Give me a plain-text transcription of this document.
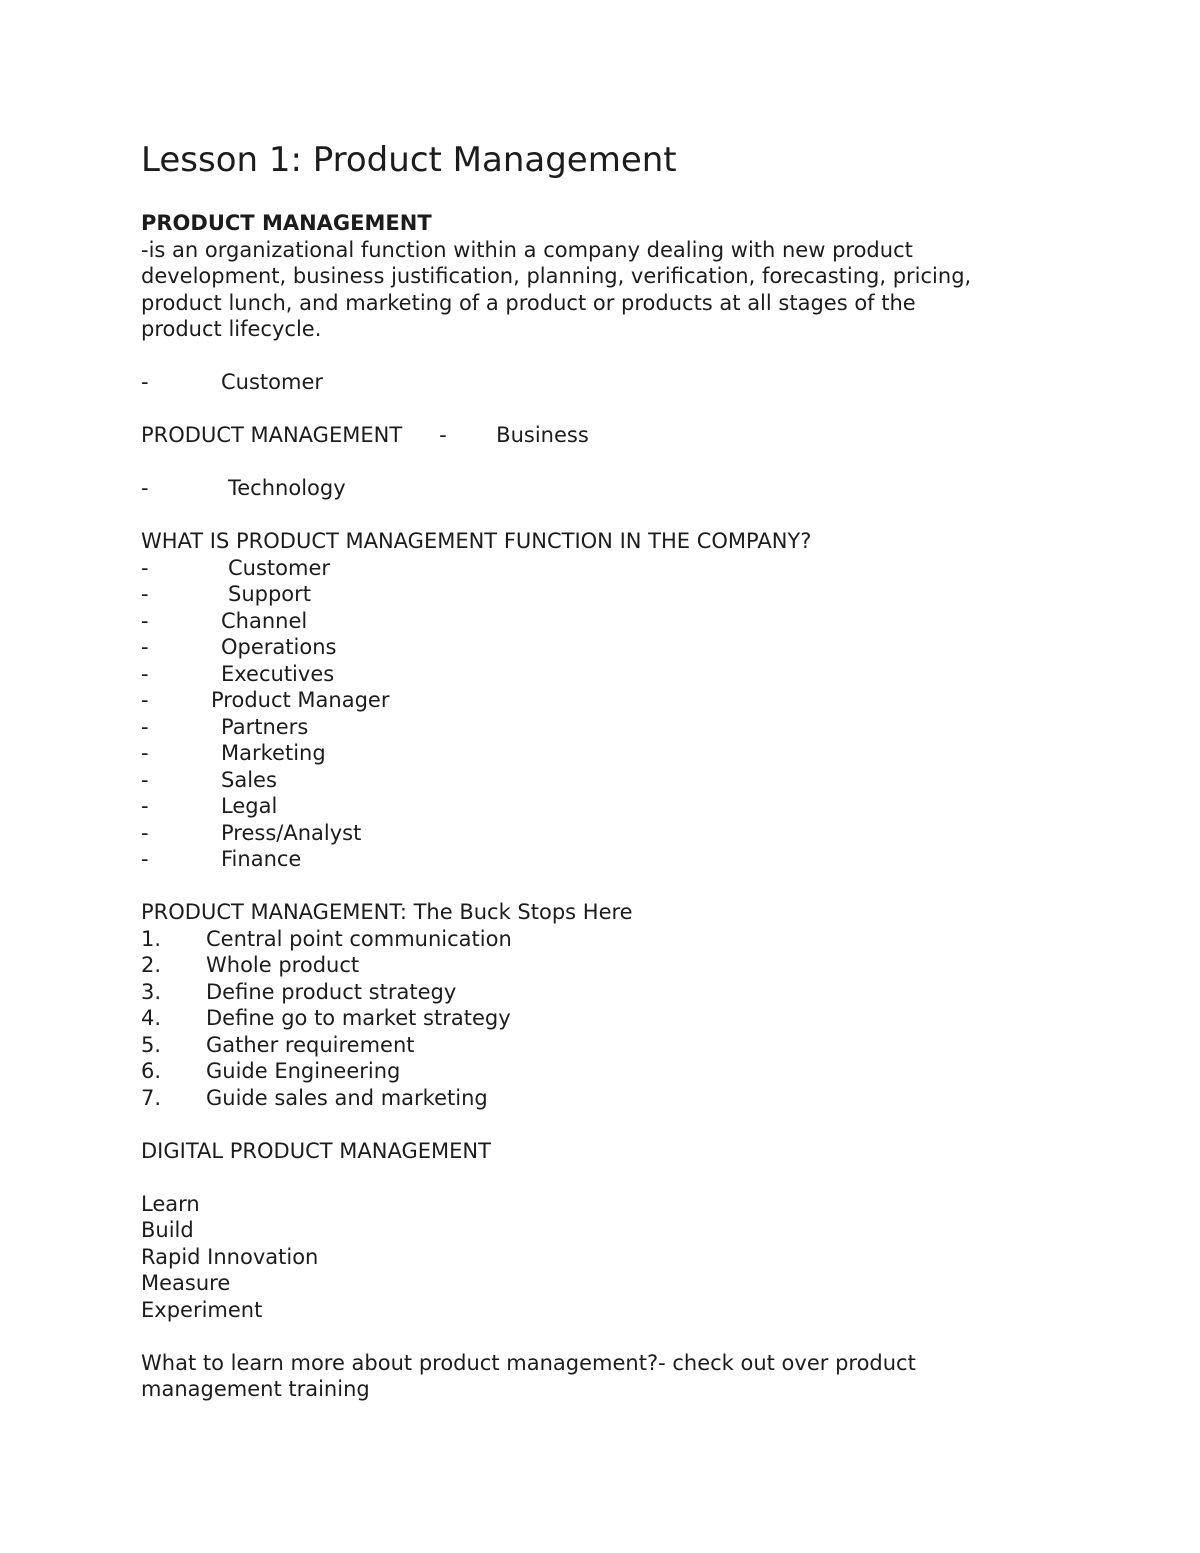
Lesson 1: Product Management
PRODUCT MANAGEMENT
-is an organizational function within a company dealing with new product
development, business justification, planning, verification, forecasting, pricing,
product lunch, and marketing of a product or products at all stages of the
product lifecycle.
-	Customer
PRODUCT MANAGEMENT - Business
-	Technology
WHAT IS PRODUCT MANAGEMENT FUNCTION IN THE COMPANY?
-	Customer
-	Support
-	Channel
-	Operations
-	Executives
-	Product Manager
-	Partners
-	Marketing
-	Sales
-	Legal
-	Press/Analyst
-	Finance
PRODUCT MANAGEMENT: The Buck Stops Here
1. Central point communication
2. Whole product
3. Define product strategy
4. Define go to market strategy
5. Gather requirement
6. Guide Engineering
7. Guide sales and marketing
DIGITAL PRODUCT MANAGEMENT
Learn
Build
Rapid Innovation
Measure
Experiment
What to learn more about product management?- check out over product
management training
